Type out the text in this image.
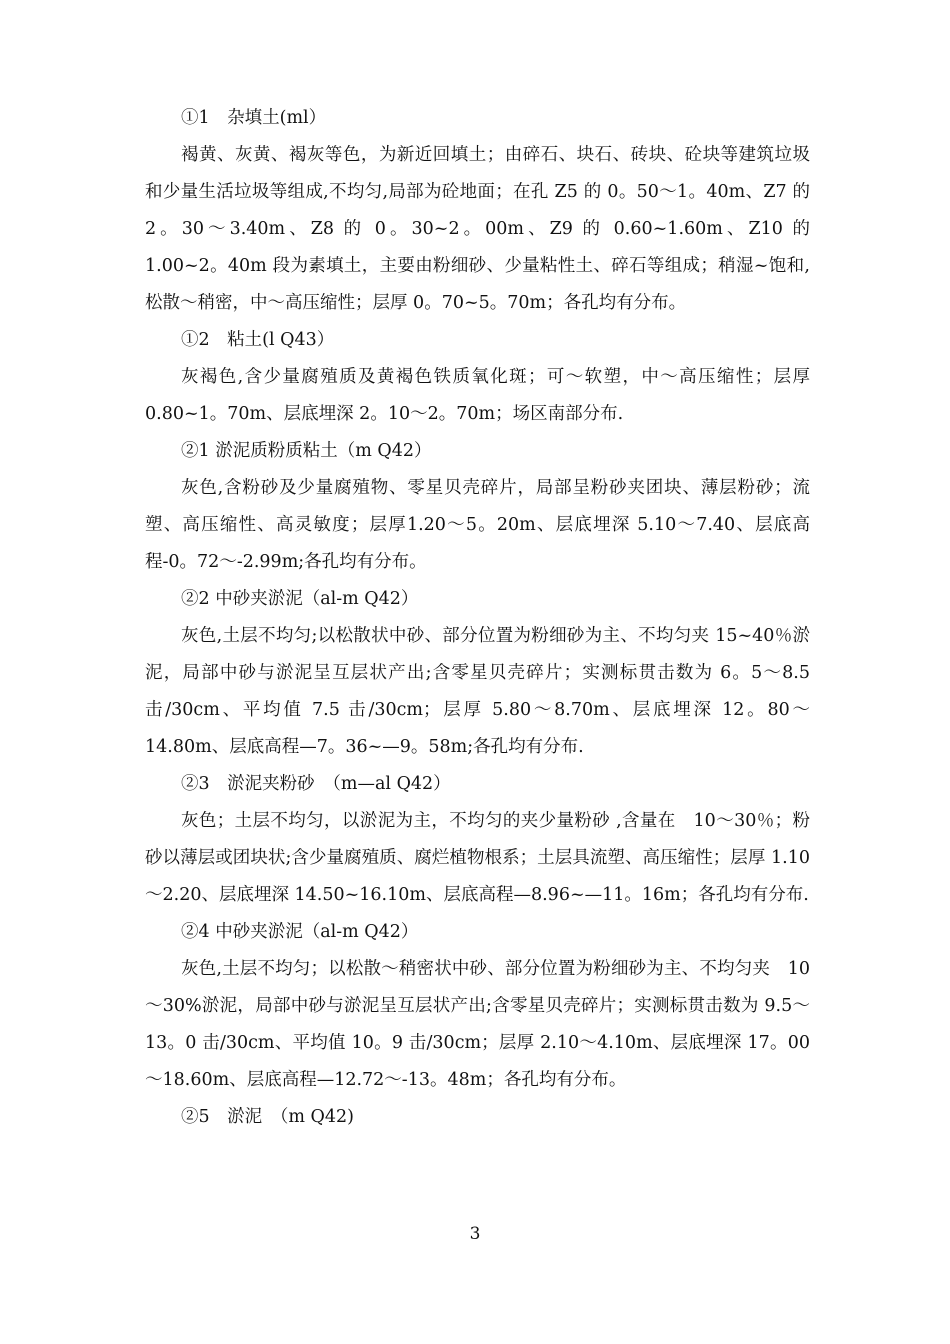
①1　杂填土(ml）

褐黄、灰黄、褐灰等色，为新近回填土；由碎石、块石、砖块、砼块等建筑垃圾和少量生活垃圾等组成,不均匀,局部为砼地面；在孔 Z5 的 0。50～1。40m、Z7 的 2。30～3.40m、Z8 的 0。30~2。00m、Z9 的 0.60~1.60m、Z10 的 1.00~2。40m 段为素填土，主要由粉细砂、少量粘性土、碎石等组成；稍湿~饱和,松散～稍密，中～高压缩性；层厚 0。70~5。70m；各孔均有分布。

①2　粘土(l Q43）

灰褐色,含少量腐殖质及黄褐色铁质氧化斑；可～软塑，中～高压缩性；层厚 0.80~1。70m、层底埋深 2。10～2。70m；场区南部分布.

②1 淤泥质粉质粘土（m Q42）

灰色,含粉砂及少量腐殖物、零星贝壳碎片，局部呈粉砂夹团块、薄层粉砂；流塑、高压缩性、高灵敏度；层厚1.20～5。20m、层底埋深 5.10～7.40、层底高程-0。72～-2.99m;各孔均有分布。

②2 中砂夹淤泥（al-m Q42）

灰色,土层不均匀;以松散状中砂、部分位置为粉细砂为主、不均匀夹 15~40％淤泥，局部中砂与淤泥呈互层状产出;含零星贝壳碎片；实测标贯击数为 6。5～8.5 击/30cm、平均值 7.5 击/30cm；层厚 5.80～8.70m、层底埋深 12。80～14.80m、层底高程—7。36~—9。58m;各孔均有分布.

②3　淤泥夹粉砂　（m—al Q42）

灰色；土层不均匀，以淤泥为主，不均匀的夹少量粉砂 ,含量在　10～30％；粉砂以薄层或团块状;含少量腐殖质、腐烂植物根系；土层具流塑、高压缩性；层厚 1.10～2.20、层底埋深 14.50~16.10m、层底高程—8.96~—11。16m；各孔均有分布.

②4 中砂夹淤泥（al-m Q42）

灰色,土层不均匀；以松散～稍密状中砂、部分位置为粉细砂为主、不均匀夹　10～30%淤泥，局部中砂与淤泥呈互层状产出;含零星贝壳碎片；实测标贯击数为 9.5～13。0 击/30cm、平均值 10。9 击/30cm；层厚 2.10～4.10m、层底埋深 17。00～18.60m、层底高程—12.72～-13。48m；各孔均有分布。

②5　淤泥　（m Q42)

3
